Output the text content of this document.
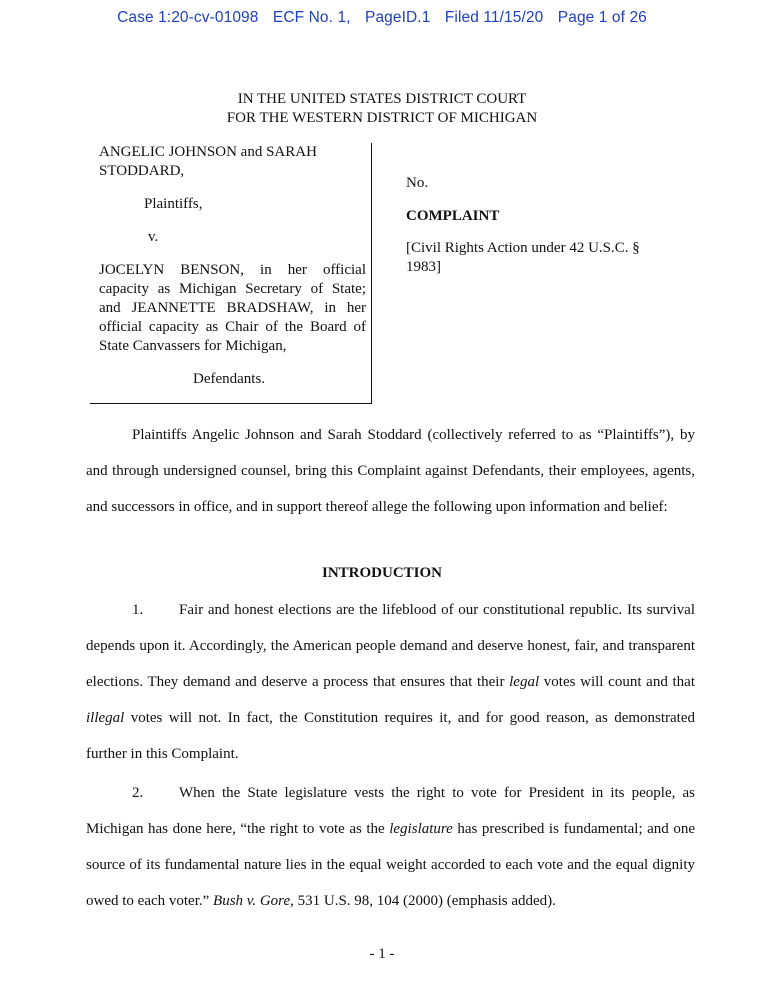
Case 1:20-cv-01098 ECF No. 1, PageID.1 Filed 11/15/20 Page 1 of 26
IN THE UNITED STATES DISTRICT COURT
FOR THE WESTERN DISTRICT OF MICHIGAN

ANGELIC JOHNSON and SARAH STODDARD,

Plaintiffs,

v.

JOCELYN BENSON, in her official capacity as Michigan Secretary of State; and JEANNETTE BRADSHAW, in her official capacity as Chair of the Board of State Canvassers for Michigan,

Defendants.

No.

COMPLAINT

[Civil Rights Action under 42 U.S.C. § 1983]

Plaintiffs Angelic Johnson and Sarah Stoddard (collectively referred to as “Plaintiffs”), by and through undersigned counsel, bring this Complaint against Defendants, their employees, agents, and successors in office, and in support thereof allege the following upon information and belief:

INTRODUCTION

1. Fair and honest elections are the lifeblood of our constitutional republic. Its survival depends upon it. Accordingly, the American people demand and deserve honest, fair, and transparent elections. They demand and deserve a process that ensures that their legal votes will count and that illegal votes will not. In fact, the Constitution requires it, and for good reason, as demonstrated further in this Complaint.

2. When the State legislature vests the right to vote for President in its people, as Michigan has done here, “the right to vote as the legislature has prescribed is fundamental; and one source of its fundamental nature lies in the equal weight accorded to each vote and the equal dignity owed to each voter.” Bush v. Gore, 531 U.S. 98, 104 (2000) (emphasis added).

- 1 -
